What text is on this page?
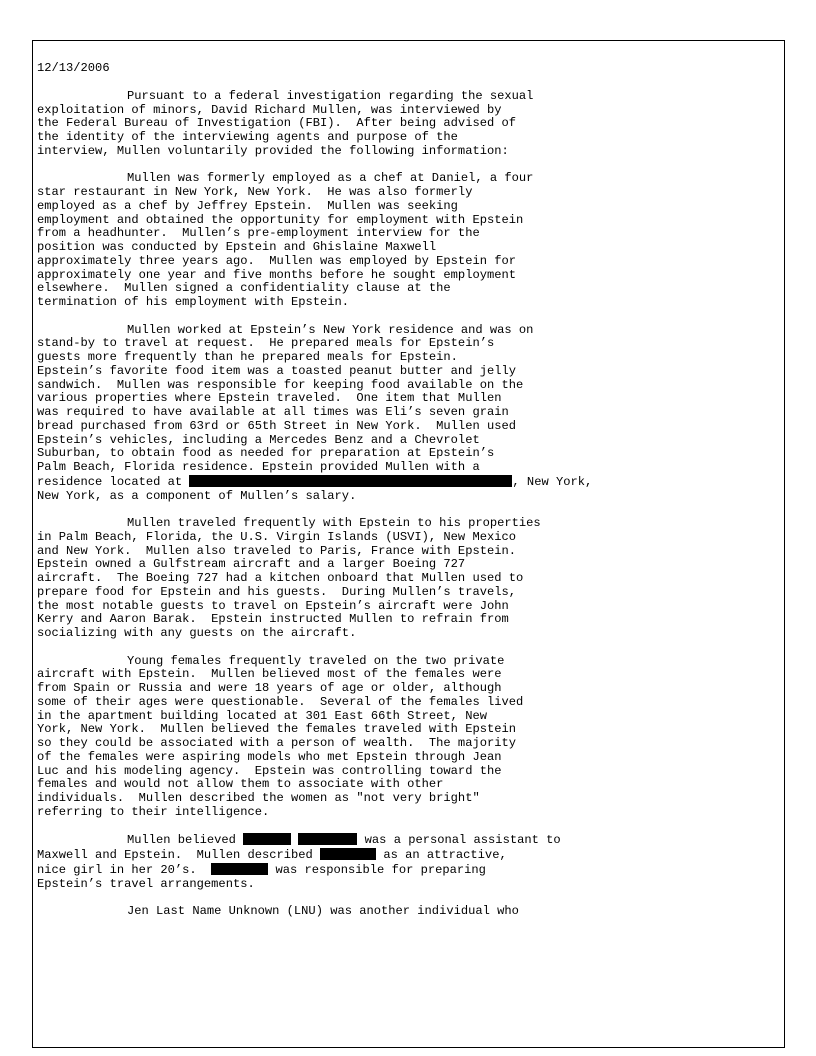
12/13/2006
Pursuant to a federal investigation regarding the sexual
exploitation of minors, David Richard Mullen, was interviewed by
the Federal Bureau of Investigation (FBI).  After being advised of
the identity of the interviewing agents and purpose of the
interview, Mullen voluntarily provided the following information:
Mullen was formerly employed as a chef at Daniel, a four
star restaurant in New York, New York.  He was also formerly
employed as a chef by Jeffrey Epstein.  Mullen was seeking
employment and obtained the opportunity for employment with Epstein
from a headhunter.  Mullen’s pre-employment interview for the
position was conducted by Epstein and Ghislaine Maxwell
approximately three years ago.  Mullen was employed by Epstein for
approximately one year and five months before he sought employment
elsewhere.  Mullen signed a confidentiality clause at the
termination of his employment with Epstein.
Mullen worked at Epstein’s New York residence and was on
stand-by to travel at request.  He prepared meals for Epstein’s
guests more frequently than he prepared meals for Epstein.
Epstein’s favorite food item was a toasted peanut butter and jelly
sandwich.  Mullen was responsible for keeping food available on the
various properties where Epstein traveled.  One item that Mullen
was required to have available at all times was Eli’s seven grain
bread purchased from 63rd or 65th Street in New York.  Mullen used
Epstein’s vehicles, including a Mercedes Benz and a Chevrolet
Suburban, to obtain food as needed for preparation at Epstein’s
Palm Beach, Florida residence. Epstein provided Mullen with a
residence located at	, New York,
New York, as a component of Mullen’s salary.
Mullen traveled frequently with Epstein to his properties
in Palm Beach, Florida, the U.S. Virgin Islands (USVI), New Mexico
and New York.  Mullen also traveled to Paris, France with Epstein.
Epstein owned a Gulfstream aircraft and a larger Boeing 727
aircraft.  The Boeing 727 had a kitchen onboard that Mullen used to
prepare food for Epstein and his guests.  During Mullen’s travels,
the most notable guests to travel on Epstein’s aircraft were John
Kerry and Aaron Barak.  Epstein instructed Mullen to refrain from
socializing with any guests on the aircraft.
Young females frequently traveled on the two private
aircraft with Epstein.  Mullen believed most of the females were
from Spain or Russia and were 18 years of age or older, although
some of their ages were questionable.  Several of the females lived
in the apartment building located at 301 East 66th Street, New
York, New York.  Mullen believed the females traveled with Epstein
so they could be associated with a person of wealth.  The majority
of the females were aspiring models who met Epstein through Jean
Luc and his modeling agency.  Epstein was controlling toward the
females and would not allow them to associate with other
individuals.  Mullen described the women as "not very bright"
referring to their intelligence.
Mullen believed	was a personal assistant to
Maxwell and Epstein.  Mullen described	as an attractive,
nice girl in her 20’s.	was responsible for preparing
Epstein’s travel arrangements.
Jen Last Name Unknown (LNU) was another individual who
